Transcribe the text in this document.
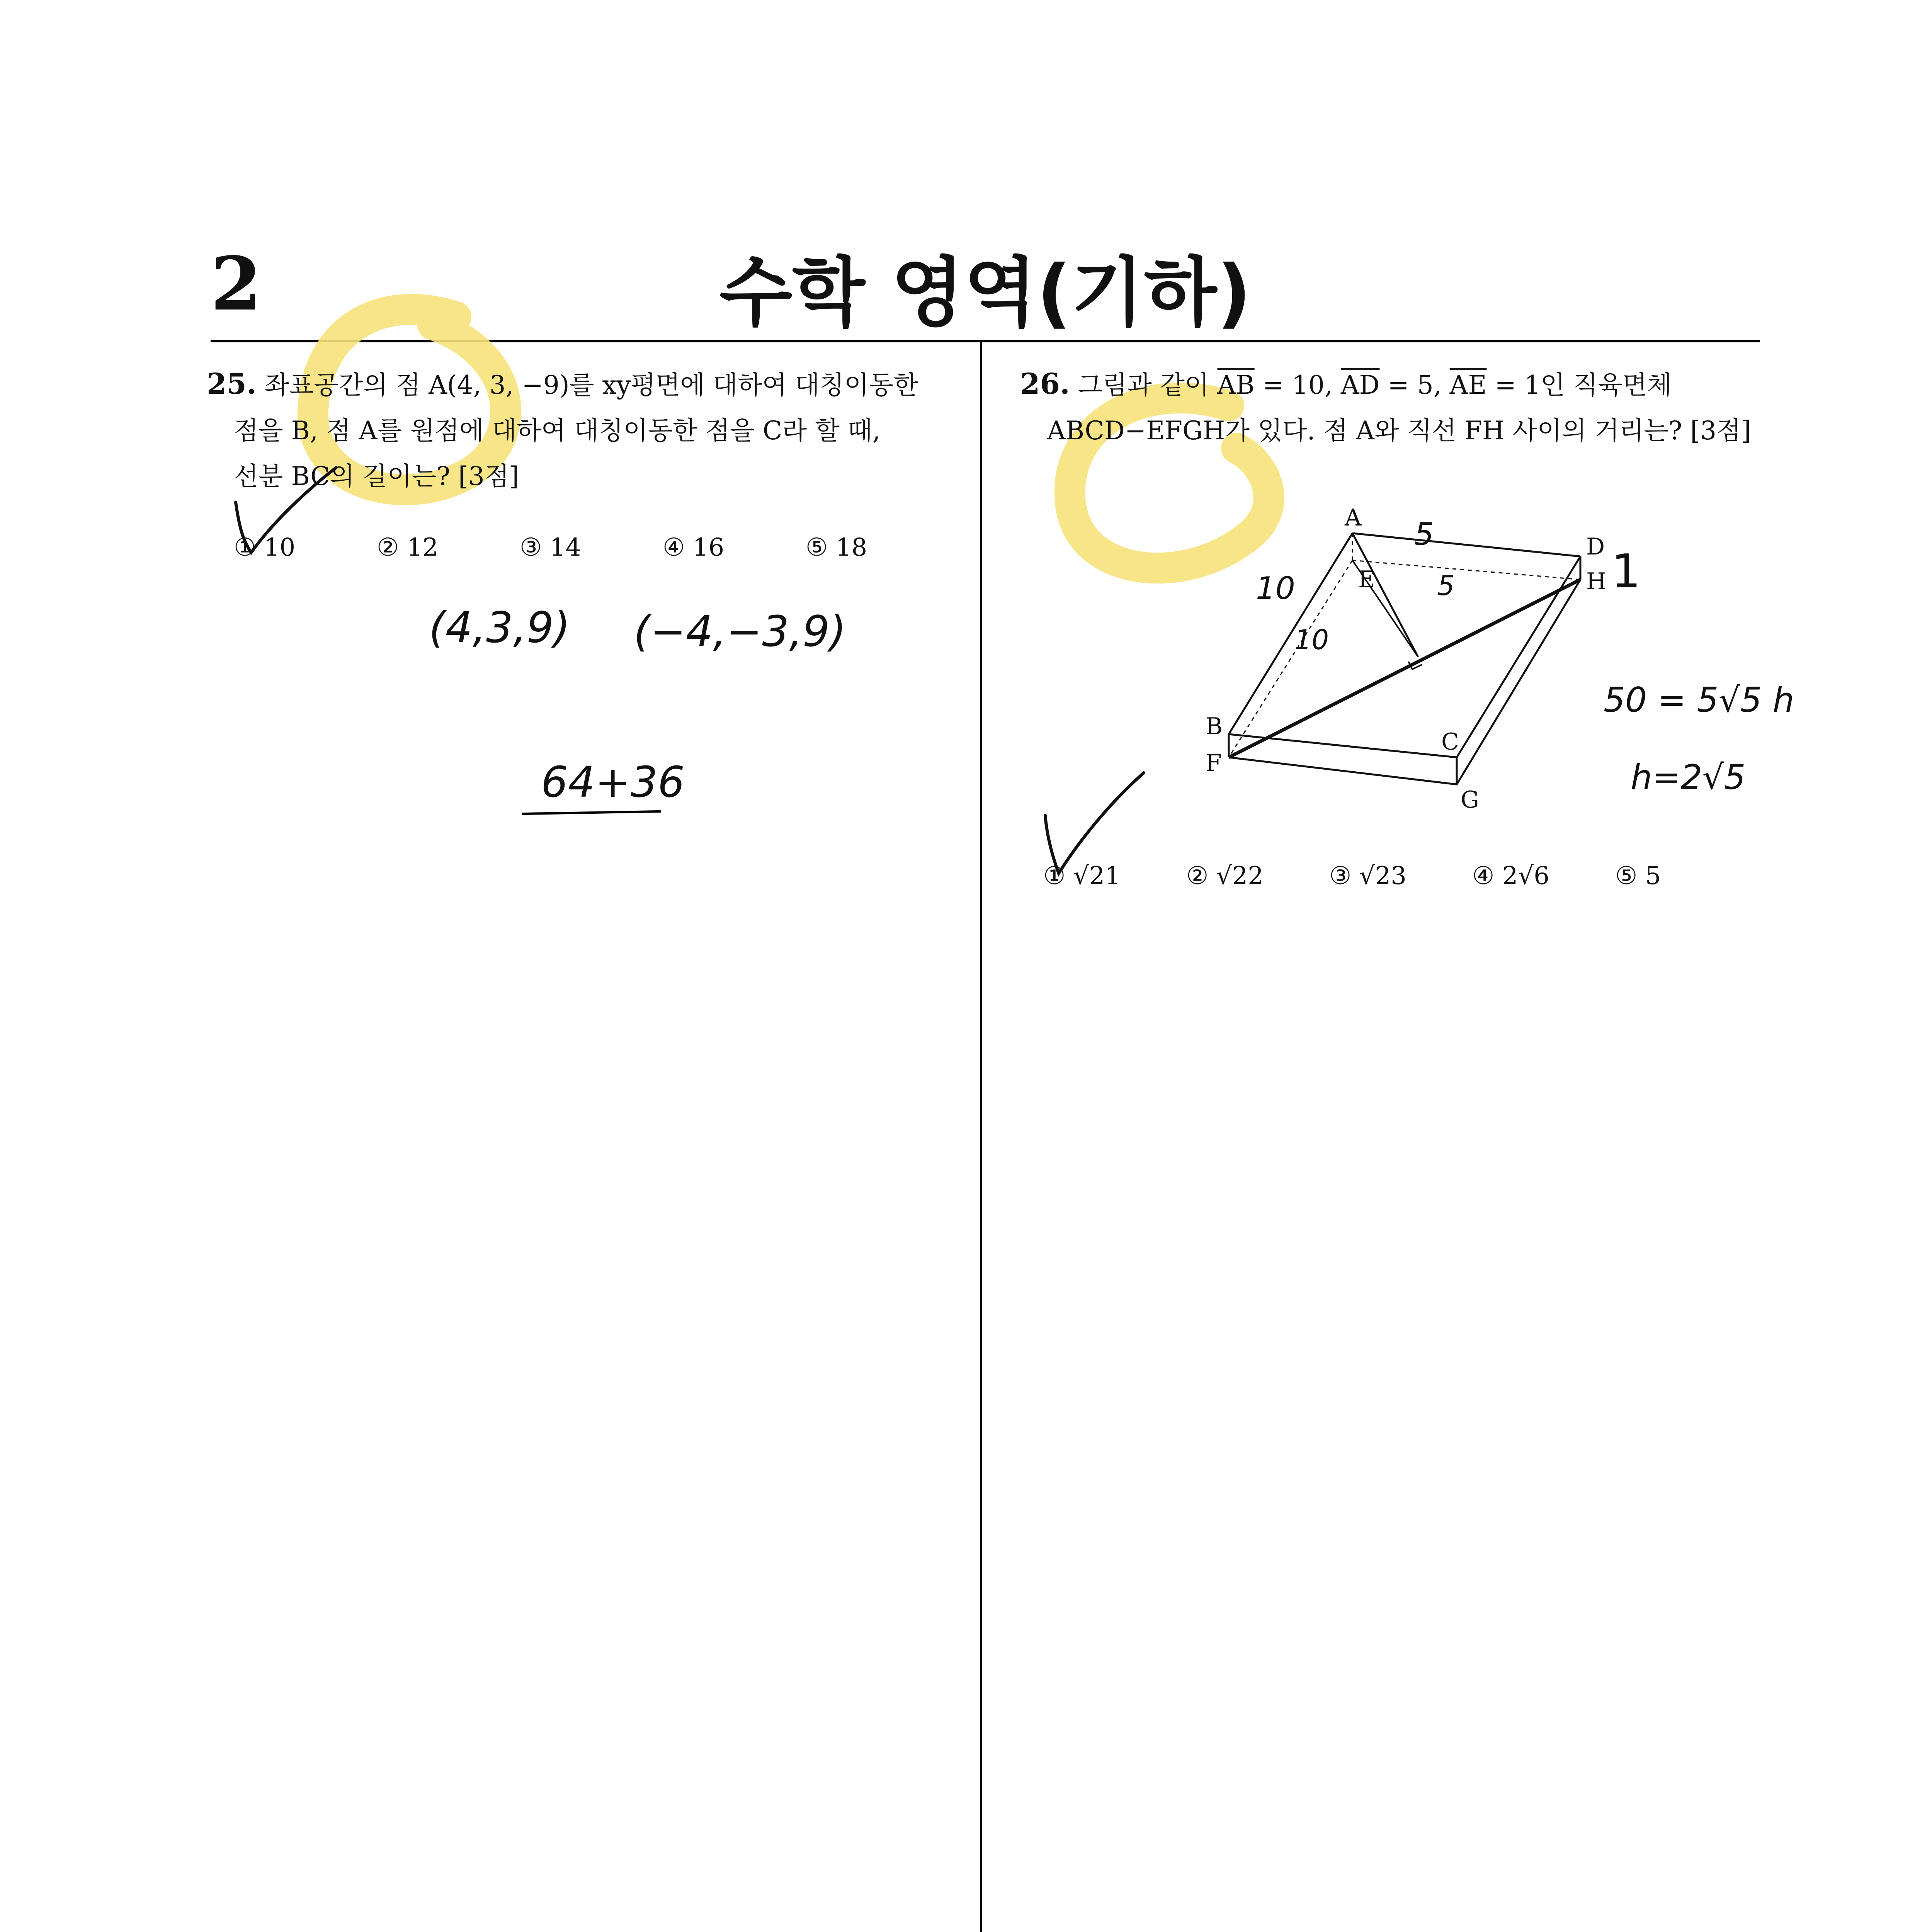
2	수학 영역(기하)
25. 좌표공간의 점 A(4, 3, −9)를 xy평면에 대하여 대칭이동한
점을 B, 점 A를 원점에 대하여 대칭이동한 점을 C라 할 때,
선분 BC의 길이는? [3점]
① 10	② 12	③ 14	④ 16	⑤ 18
(4,3,9) (−4,−3,9)
64+36
26. 그림과 같이 $\overline{AB} = 10$, $\overline{AD} = 5$, $\overline{AE} = 1$인 직육면체
ABCD−EFGH가 있다. 점 A와 직선 FH 사이의 거리는? [3점]
A
D
E	H
B
F
C
G
5
10
10
5	1
50 = 5√5 h
h=2√5
① √21	② √22	③ √23	④ 2√6	⑤ 5
